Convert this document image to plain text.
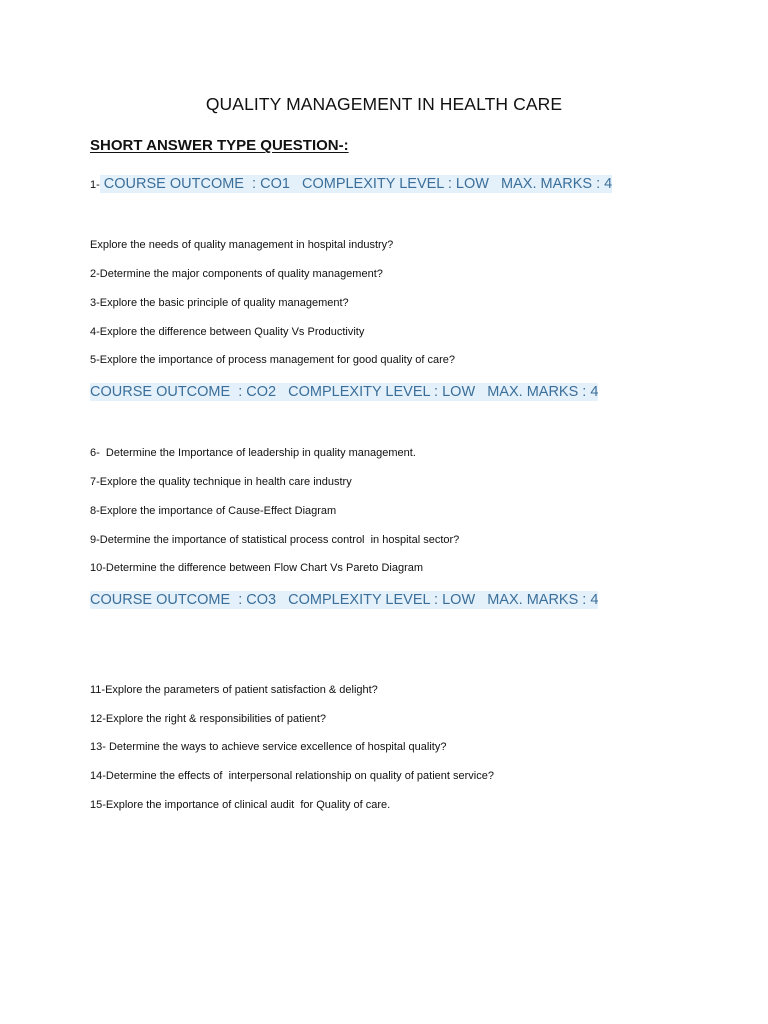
QUALITY MANAGEMENT IN HEALTH CARE
SHORT ANSWER TYPE QUESTION-:
1- COURSE OUTCOME  : CO1   COMPLEXITY LEVEL : LOW   MAX. MARKS : 4

Explore the needs of quality management in hospital industry?

2-Determine the major components of quality management?

3-Explore the basic principle of quality management?

4-Explore the difference between Quality Vs Productivity

5-Explore the importance of process management for good quality of care?

COURSE OUTCOME  : CO2   COMPLEXITY LEVEL : LOW   MAX. MARKS : 4

6-  Determine the Importance of leadership in quality management.

7-Explore the quality technique in health care industry

8-Explore the importance of Cause-Effect Diagram

9-Determine the importance of statistical process control  in hospital sector?

10-Determine the difference between Flow Chart Vs Pareto Diagram

COURSE OUTCOME  : CO3   COMPLEXITY LEVEL : LOW   MAX. MARKS : 4

11-Explore the parameters of patient satisfaction & delight?

12-Explore the right & responsibilities of patient?

13- Determine the ways to achieve service excellence of hospital quality?

14-Determine the effects of  interpersonal relationship on quality of patient service?

15-Explore the importance of clinical audit  for Quality of care.
